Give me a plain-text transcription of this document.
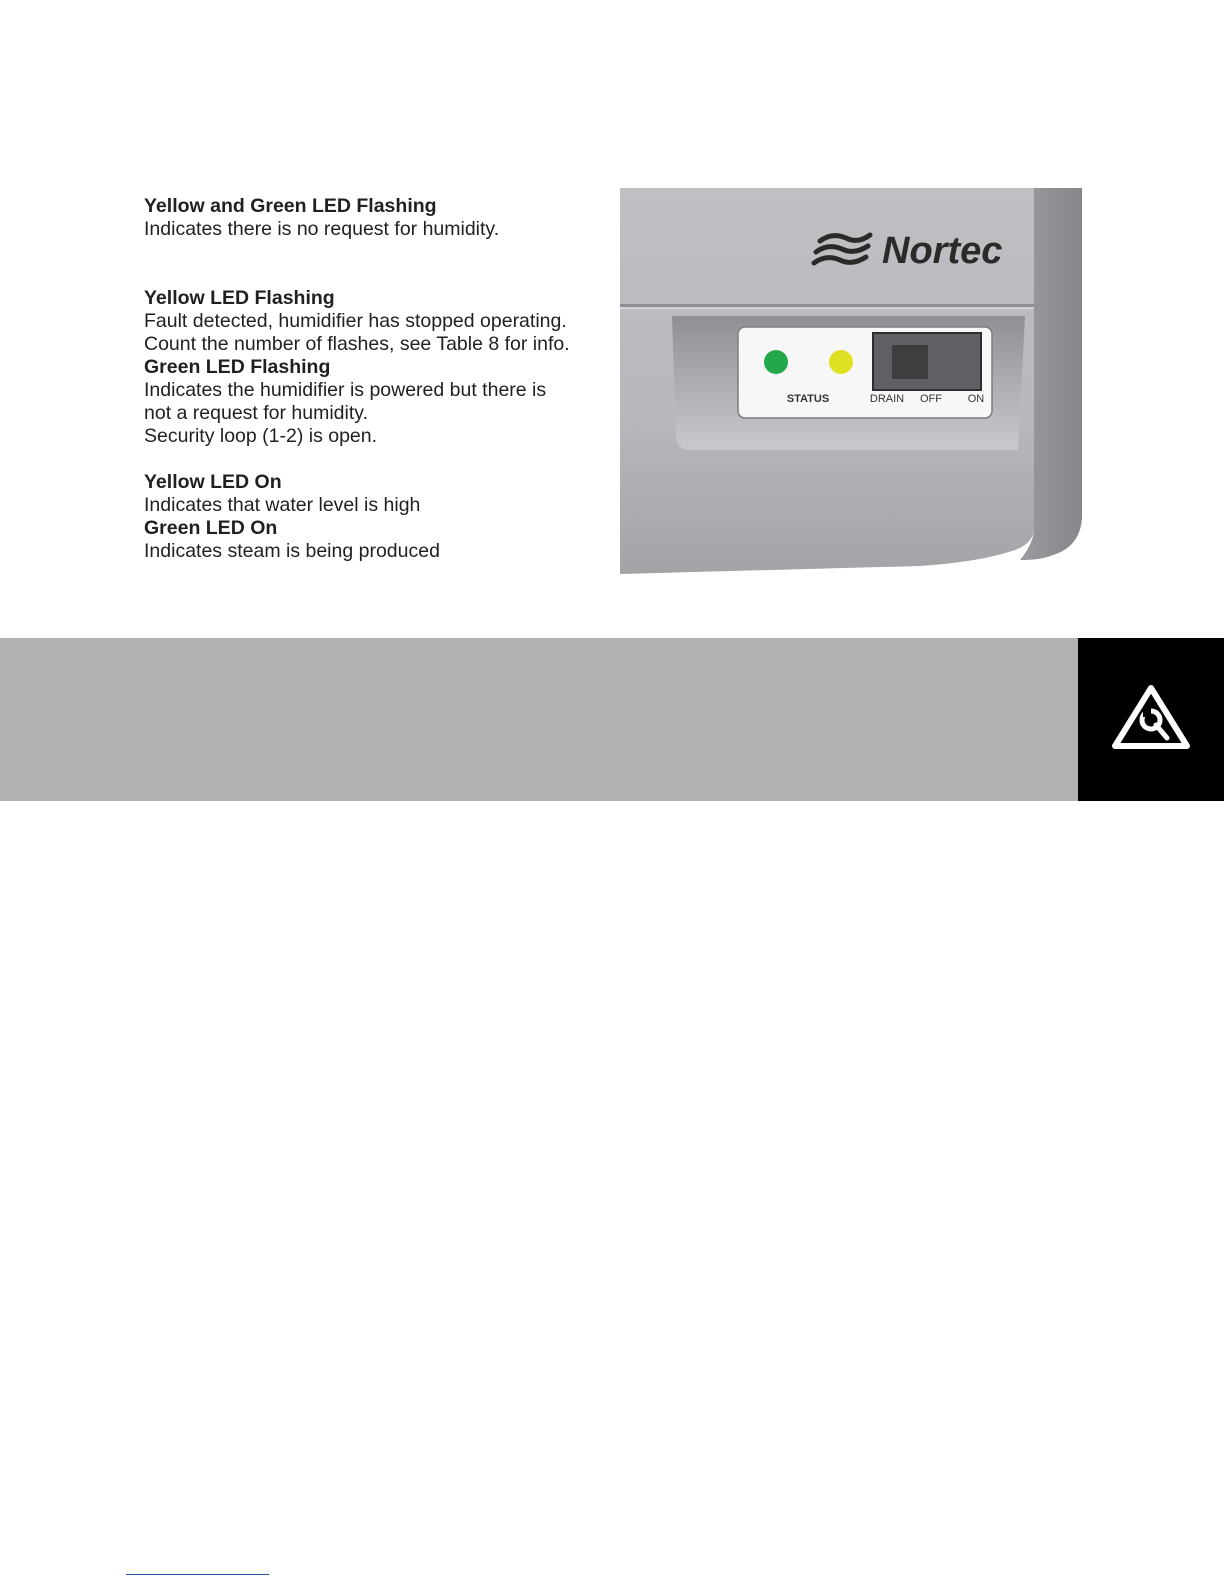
Yellow and Green LED Flashing

Indicates there is no request for humidity.

Yellow LED Flashing

Fault detected, humidifier has stopped operating.

Count the number of flashes, see Table 8 for info.

Green LED Flashing

Indicates the humidifier is powered but there is

not a request for humidity.

Security loop (1-2) is open.

Yellow LED On

Indicates that water level is high

Green LED On

Indicates steam is being produced

Nortec
STATUS	DRAIN OFF ON
